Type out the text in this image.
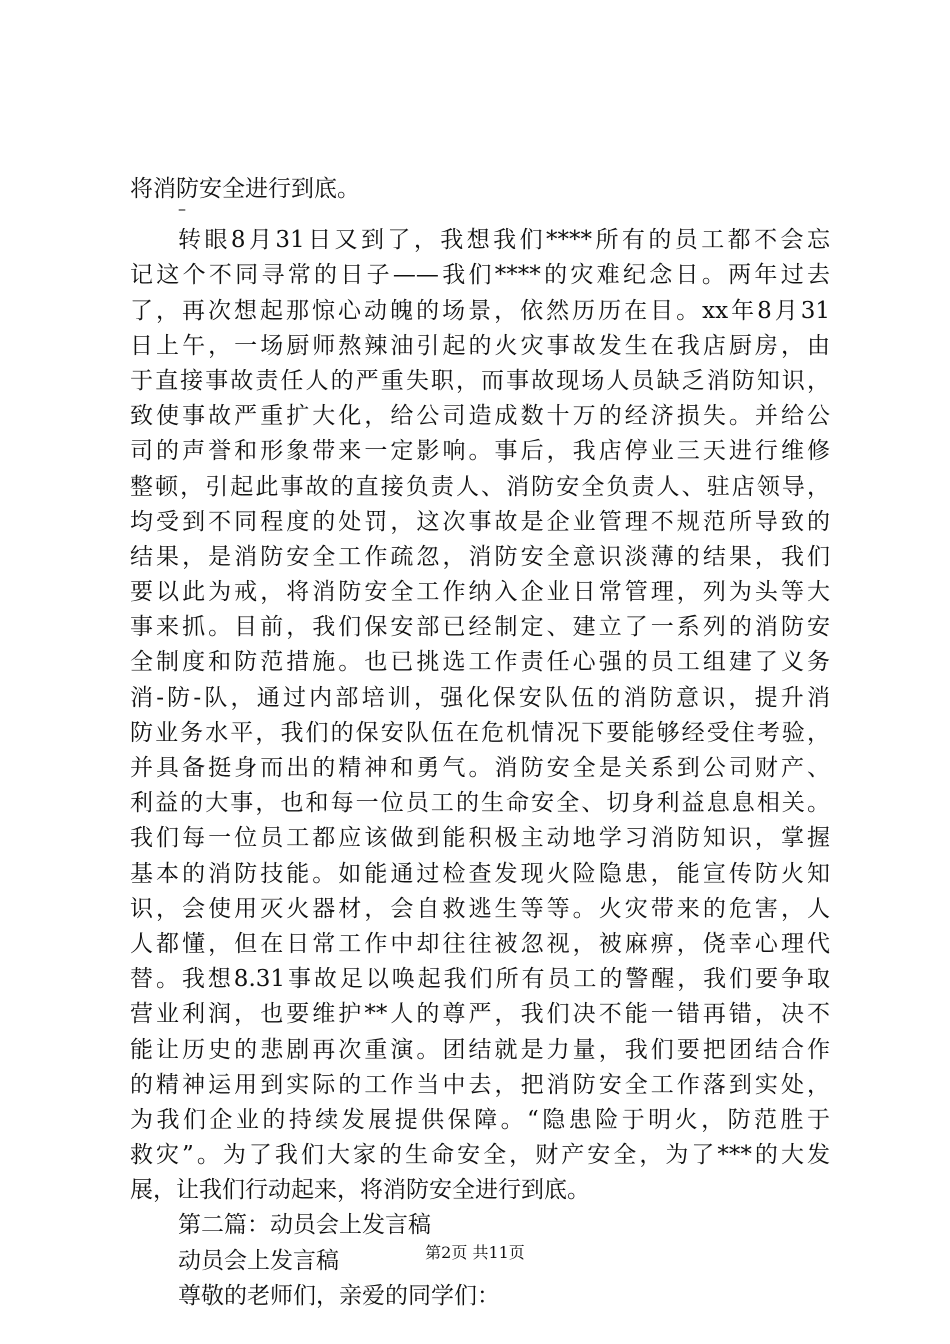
将消防安全进行到底。
–
转眼8月31日又到了，我想我们****所有的员工都不会忘
记这个不同寻常的日子——我们****的灾难纪念日。两年过去
了，再次想起那惊心动魄的场景，依然历历在目。xx年8月31
日上午，一场厨师熬辣油引起的火灾事故发生在我店厨房，由
于直接事故责任人的严重失职，而事故现场人员缺乏消防知识，
致使事故严重扩大化，给公司造成数十万的经济损失。并给公
司的声誉和形象带来一定影响。事后，我店停业三天进行维修
整顿，引起此事故的直接负责人、消防安全负责人、驻店领导，
均受到不同程度的处罚，这次事故是企业管理不规范所导致的
结果，是消防安全工作疏忽，消防安全意识淡薄的结果，我们
要以此为戒，将消防安全工作纳入企业日常管理，列为头等大
事来抓。目前，我们保安部已经制定、建立了一系列的消防安
全制度和防范措施。也已挑选工作责任心强的员工组建了义务
消-防-队，通过内部培训，强化保安队伍的消防意识，提升消
防业务水平，我们的保安队伍在危机情况下要能够经受住考验，
并具备挺身而出的精神和勇气。消防安全是关系到公司财产、
利益的大事，也和每一位员工的生命安全、切身利益息息相关。
我们每一位员工都应该做到能积极主动地学习消防知识，掌握
基本的消防技能。如能通过检查发现火险隐患，能宣传防火知
识，会使用灭火器材，会自救逃生等等。火灾带来的危害，人
人都懂，但在日常工作中却往往被忽视，被麻痹，侥幸心理代
替。我想8.31事故足以唤起我们所有员工的警醒，我们要争取
营业利润，也要维护**人的尊严，我们决不能一错再错，决不
能让历史的悲剧再次重演。团结就是力量，我们要把团结合作
的精神运用到实际的工作当中去，把消防安全工作落到实处，
为我们企业的持续发展提供保障。“隐患险于明火，防范胜于
救灾”。为了我们大家的生命安全，财产安全，为了***的大发
展，让我们行动起来，将消防安全进行到底。
第二篇：动员会上发言稿
动员会上发言稿
尊敬的老师们，亲爱的同学们：
第2页 共11页
